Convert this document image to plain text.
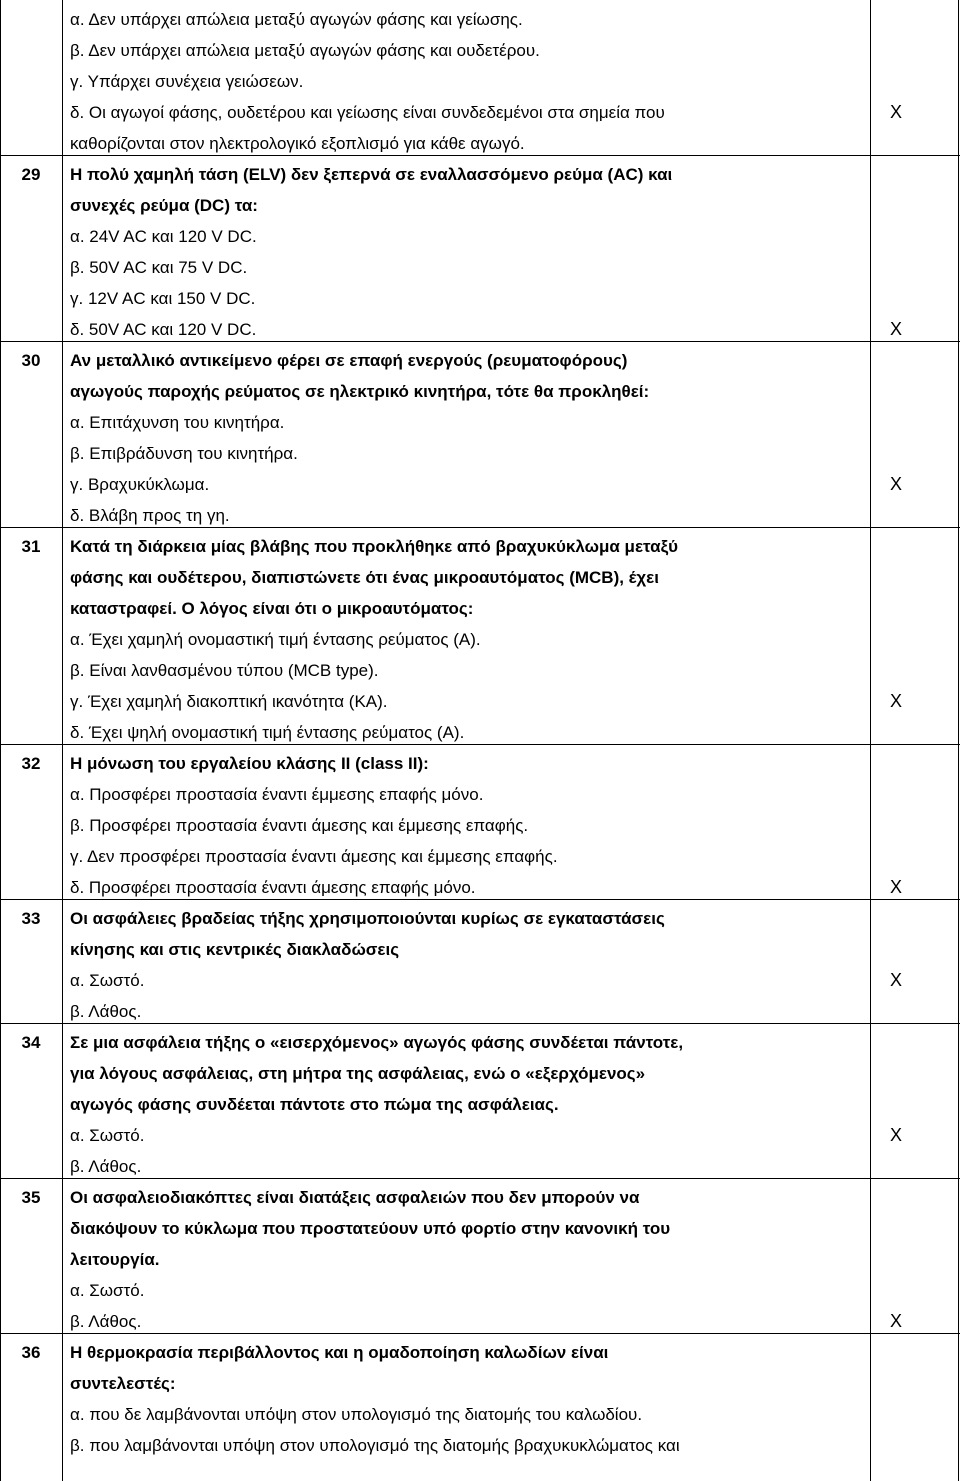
α. Δεν υπάρχει απώλεια μεταξύ αγωγών φάσης και γείωσης.
β. Δεν υπάρχει απώλεια μεταξύ αγωγών φάσης και ουδετέρου.
γ. Υπάρχει συνέχεια γειώσεων.
δ. Οι αγωγοί φάσης, ουδετέρου και γείωσης είναι συνδεδεμένοι στα σημεία που	X
καθορίζονται στον ηλεκτρολογικό εξοπλισμό για κάθε αγωγό.
29	Η πολύ χαμηλή τάση (ELV) δεν ξεπερνά σε εναλλασσόμενο ρεύμα (AC) και
συνεχές ρεύμα (DC) τα:
α. 24V AC και 120 V DC.
β. 50V AC και 75 V DC.
γ. 12V AC και 150 V DC.
δ. 50V AC και 120 V DC.	X
30	Αν μεταλλικό αντικείμενο φέρει σε επαφή ενεργούς (ρευματοφόρους)
αγωγούς παροχής ρεύματος σε ηλεκτρικό κινητήρα, τότε θα προκληθεί:
α. Επιτάχυνση του κινητήρα.
β. Επιβράδυνση του κινητήρα.
γ. Βραχυκύκλωμα.	X
δ. Βλάβη προς τη γη.
31	Κατά τη διάρκεια μίας βλάβης που προκλήθηκε από βραχυκύκλωμα μεταξύ
φάσης και ουδέτερου, διαπιστώνετε ότι ένας μικροαυτόματος (MCB), έχει
καταστραφεί. Ο λόγος είναι ότι ο μικροαυτόματος:
α. Έχει χαμηλή ονομαστική τιμή έντασης ρεύματος (A).
β. Είναι λανθασμένου τύπου (MCB type).
γ. Έχει χαμηλή διακοπτική ικανότητα (KA).	X
δ. Έχει ψηλή ονομαστική τιμή έντασης ρεύματος (A).
32	Η μόνωση του εργαλείου κλάσης ΙΙ (class II):
α. Προσφέρει προστασία έναντι έμμεσης επαφής μόνο.
β. Προσφέρει προστασία έναντι άμεσης και έμμεσης επαφής.
γ. Δεν προσφέρει προστασία έναντι άμεσης και έμμεσης επαφής.
δ. Προσφέρει προστασία έναντι άμεσης επαφής μόνο.	X
33	Οι ασφάλειες βραδείας τήξης χρησιμοποιούνται κυρίως σε εγκαταστάσεις
κίνησης και στις κεντρικές διακλαδώσεις
α. Σωστό.	X
β. Λάθος.
34	Σε μια ασφάλεια τήξης ο «εισερχόμενος» αγωγός φάσης συνδέεται πάντοτε,
για λόγους ασφάλειας, στη μήτρα της ασφάλειας, ενώ ο «εξερχόμενος»
αγωγός φάσης συνδέεται πάντοτε στο πώμα της ασφάλειας.
α. Σωστό.	X
β. Λάθος.
35	Οι ασφαλειοδιακόπτες είναι διατάξεις ασφαλειών που δεν μπορούν να
διακόψουν το κύκλωμα που προστατεύουν υπό φορτίο στην κανονική του
λειτουργία.
α. Σωστό.
β. Λάθος.	X
36	Η θερμοκρασία περιβάλλοντος και η ομαδοποίηση καλωδίων είναι
συντελεστές:
α. που δε λαμβάνονται υπόψη στον υπολογισμό της διατομής του καλωδίου.
β. που λαμβάνονται υπόψη στον υπολογισμό της διατομής βραχυκυκλώματος και
